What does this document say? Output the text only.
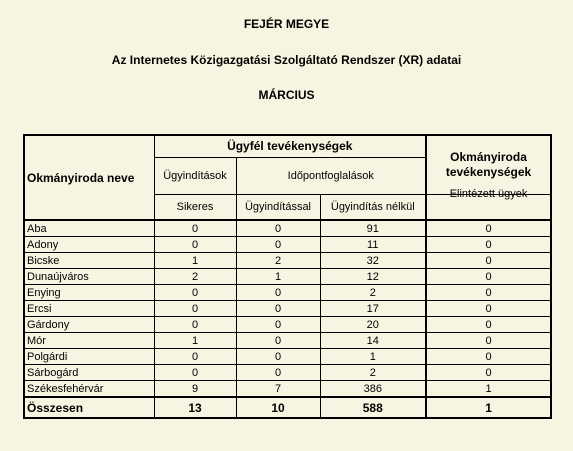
FEJÉR MEGYE
Az Internetes Közigazgatási Szolgáltató Rendszer (XR) adatai
MÁRCIUS
Okmányiroda neve	Ügyfél tevékenységek			Okmányiroda
tevékenységek

	Ügyindítások	Időpontfoglalások		
	Sikeres	Ügyindítással	Ügyindítás nélkül	Elintézett ügyek
Aba	0	0	91	0
Adony	0	0	11	0
Bicske	1	2	32	0
Dunaújváros	2	1	12	0
Enying	0	0	2	0
Ercsi	0	0	17	0
Gárdony	0	0	20	0
Mór	1	0	14	0
Polgárdi	0	0	1	0
Sárbogárd	0	0	2	0
Székesfehérvár	9	7	386	1
Összesen	13	10	588	1
